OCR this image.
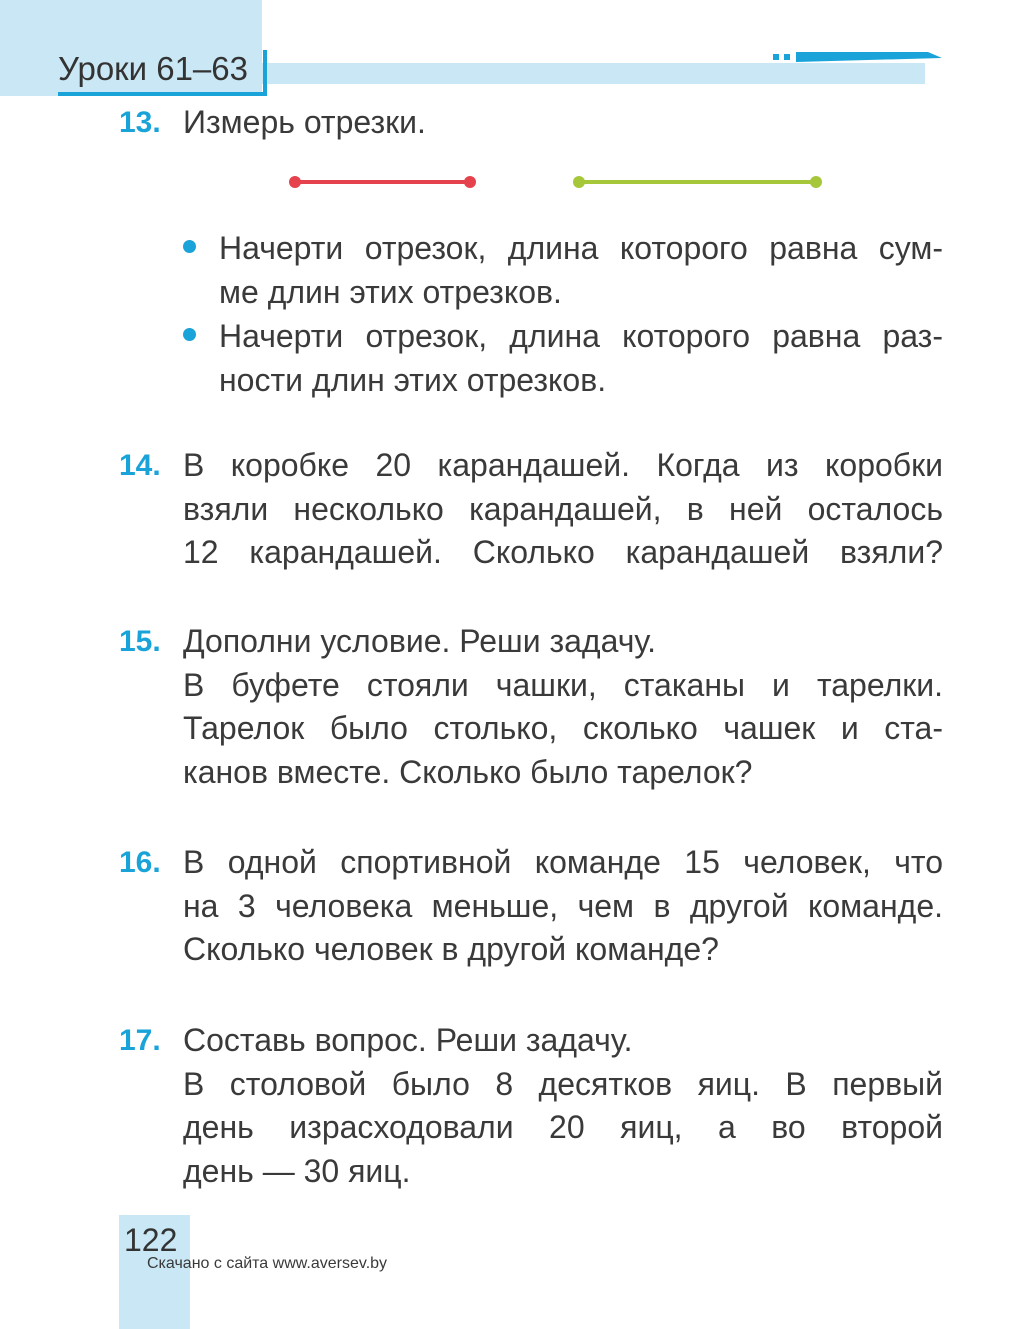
Уроки 61–63
13. Измерь отрезки.

Начерти отрезок, длина которого равна сум-
ме длин этих отрезков.
Начерти отрезок, длина которого равна раз-
ности длин этих отрезков.
14. В коробке 20 карандашей. Когда из коробки

взяли несколько карандашей, в ней осталось

12 карандашей. Сколько карандашей взяли?

15. Дополни условие. Реши задачу.

В буфете стояли чашки, стаканы и тарелки.

Тарелок было столько, сколько чашек и ста-

канов вместе. Сколько было тарелок?

16. В одной спортивной команде 15 человек, что

на 3 человека меньше, чем в другой команде.

Сколько человек в другой команде?

17. Составь вопрос. Реши задачу.

В столовой было 8 десятков яиц. В первый

день израсходовали 20 яиц, а во второй

день — 30 яиц.

122
Скачано с сайта www.aversev.by
